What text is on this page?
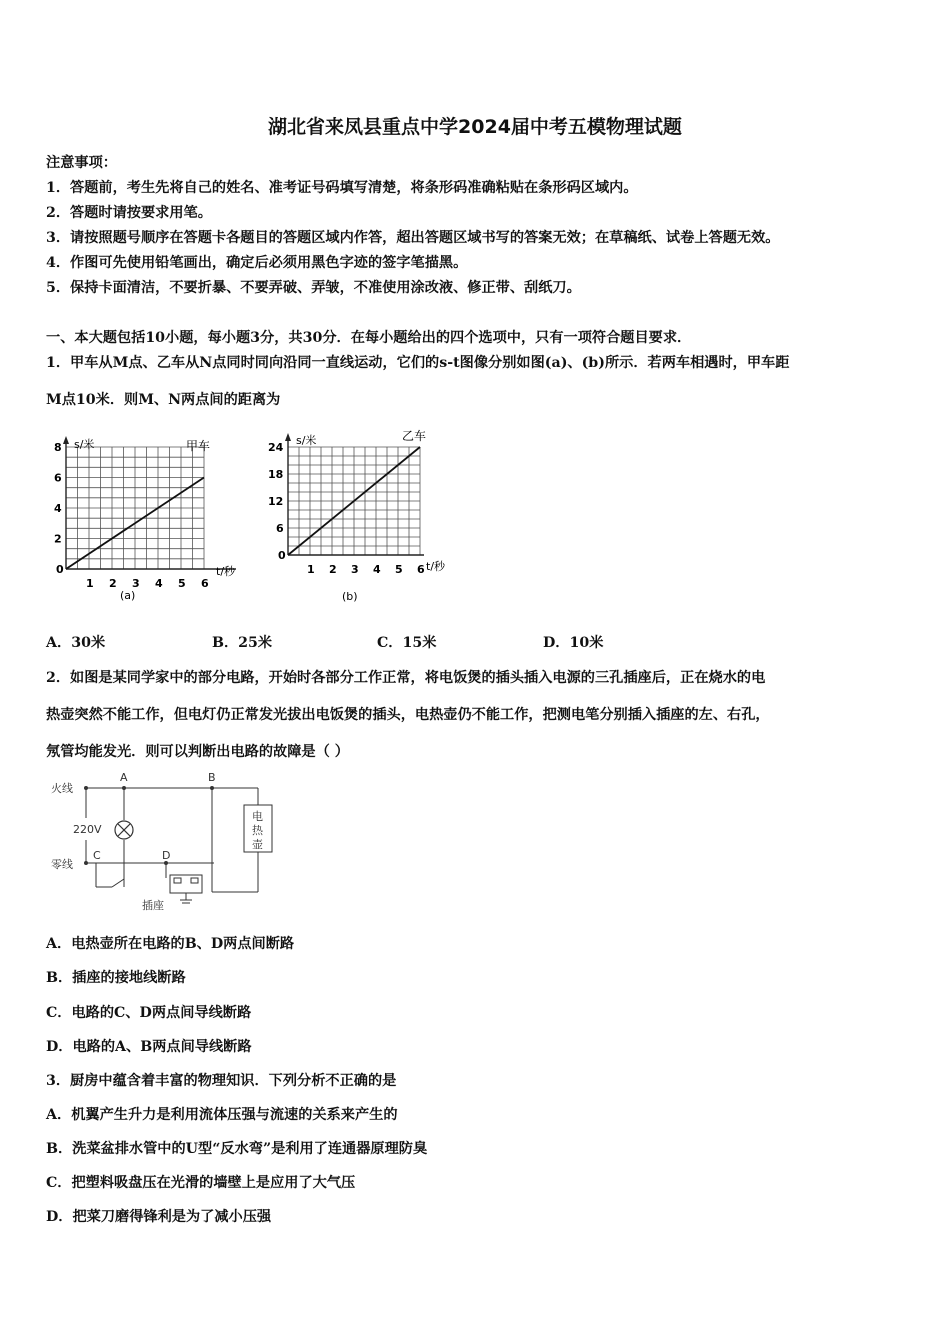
湖北省来凤县重点中学2024届中考五模物理试题
注意事项：
1．答题前，考生先将自己的姓名、准考证号码填写清楚，将条形码准确粘贴在条形码区域内。
2．答题时请按要求用笔。
3．请按照题号顺序在答题卡各题目的答题区域内作答，超出答题区域书写的答案无效；在草稿纸、试卷上答题无效。
4．作图可先使用铅笔画出，确定后必须用黑色字迹的签字笔描黑。
5．保持卡面清洁，不要折暴、不要弄破、弄皱，不准使用涂改液、修正带、刮纸刀。
一、本大题包括10小题，每小题3分，共30分．在每小题给出的四个选项中，只有一项符合题目要求．
1．甲车从M点、乙车从N点同时同向沿同一直线运动，它们的s-t图像分别如图(a)、(b)所示．若两车相遇时，甲车距
M点10米．则M、N两点间的距离为
s/米	甲车
t/秒
(a)
0
1 2 3 4 5 6
2
4
6
8
s/米	乙车
t/秒
(b)
0
1 2 3 4 5 6
6
12
18
24
A．30米	B．25米	C．15米	D．10米
2．如图是某同学家中的部分电路，开始时各部分工作正常，将电饭煲的插头插入电源的三孔插座后，正在烧水的电
热壶突然不能工作，但电灯仍正常发光拔出电饭煲的插头，电热壶仍不能工作，把测电笔分别插入插座的左、右孔，
氖管均能发光．则可以判断出电路的故障是（ ）
火线
零线
220V
A	B
C	D
电
热
壶
插座
A．电热壶所在电路的B、D两点间断路
B．插座的接地线断路
C．电路的C、D两点间导线断路
D．电路的A、B两点间导线断路
3．厨房中蕴含着丰富的物理知识．下列分析不正确的是
A．机翼产生升力是利用流体压强与流速的关系来产生的
B．洗菜盆排水管中的U型“反水弯”是利用了连通器原理防臭
C．把塑料吸盘压在光滑的墙壁上是应用了大气压
D．把菜刀磨得锋利是为了减小压强
